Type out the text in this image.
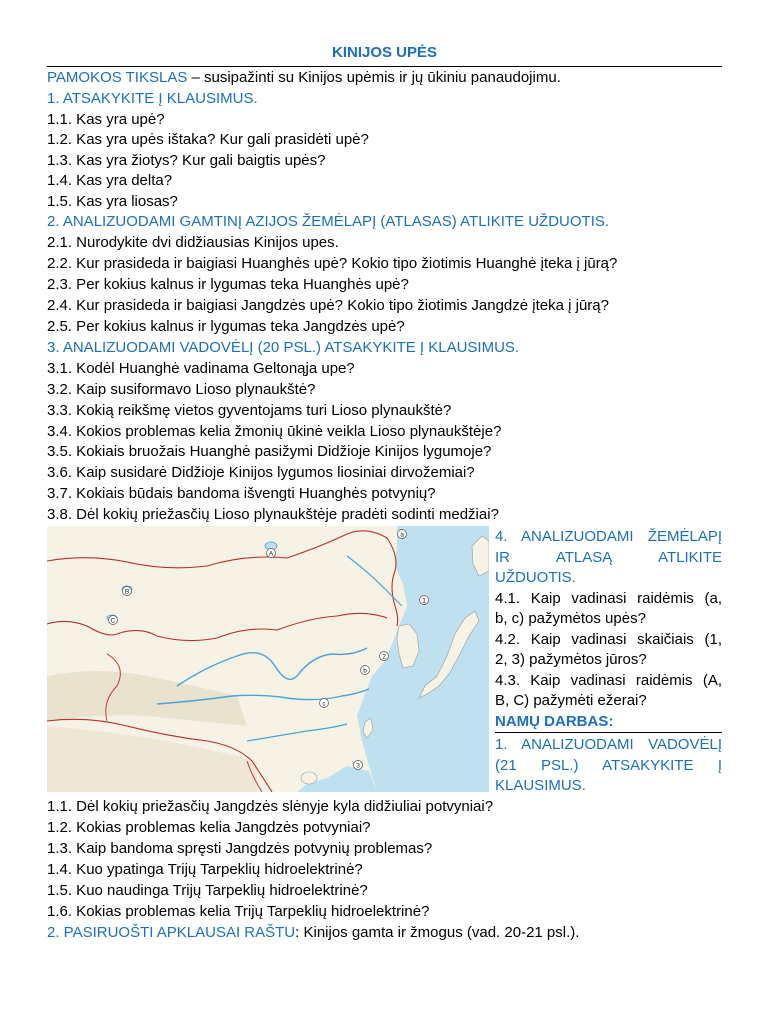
KINIJOS UPĖS
PAMOKOS TIKSLAS – susipažinti su Kinijos upėmis ir jų ūkiniu panaudojimu.
1. ATSAKYKITE Į KLAUSIMUS.
1.1. Kas yra upė?
1.2. Kas yra upės ištaka? Kur gali prasidėti upė?
1.3. Kas yra žiotys? Kur gali baigtis upės?
1.4. Kas yra delta?
1.5. Kas yra liosas?
2. ANALIZUODAMI GAMTINĮ AZIJOS ŽEMĖLAPĮ (ATLASAS) ATLIKITE UŽDUOTIS.
2.1. Nurodykite dvi didžiausias Kinijos upes.
2.2. Kur prasideda ir baigiasi Huanghės upė? Kokio tipo žiotimis Huanghė įteka į jūrą?
2.3. Per kokius kalnus ir lygumas teka Huanghės upė?
2.4. Kur prasideda ir baigiasi Jangdzės upė? Kokio tipo žiotimis Jangdzė įteka į jūrą?
2.5. Per kokius kalnus ir lygumas teka Jangdzės upė?
3. ANALIZUODAMI VADOVĖLĮ (20 PSL.) ATSAKYKITE Į KLAUSIMUS.
3.1. Kodėl Huanghė vadinama Geltonąja upe?
3.2. Kaip susiformavo Lioso plynaukštė?
3.3. Kokią reikšmę vietos gyventojams turi Lioso plynaukštė?
3.4. Kokios problemas kelia žmonių ūkinė veikla Lioso plynaukštėje?
3.5. Kokiais bruožais Huanghė pasižymi Didžioje Kinijos lygumoje?
3.6. Kaip susidarė Didžioje Kinijos lygumos liosiniai dirvožemiai?
3.7. Kokiais būdais bandoma išvengti Huanghės potvynių?
3.8. Dėl kokių priežasčių Lioso plynaukštėje pradėti sodinti medžiai?
a
b
c
A
B
C
1
2
3
4. ANALIZUODAMI ŽEMĖLAPĮ
IR ATLASĄ ATLIKITE
UŽDUOTIS.
4.1. Kaip vadinasi raidėmis (a,
b, c) pažymėtos upės?
4.2. Kaip vadinasi skaičiais (1,
2, 3) pažymėtos jūros?
4.3. Kaip vadinasi raidėmis (A,
B, C) pažymėti ežerai?
NAMŲ DARBAS:
1. ANALIZUODAMI VADOVĖLĮ
(21 PSL.) ATSAKYKITE Į
KLAUSIMUS.
1.1. Dėl kokių priežasčių Jangdzės slėnyje kyla didžiuliai potvyniai?
1.2. Kokias problemas kelia Jangdzės potvyniai?
1.3. Kaip bandoma spręsti Jangdzės potvynių problemas?
1.4. Kuo ypatinga Trijų Tarpeklių hidroelektrinė?
1.5. Kuo naudinga Trijų Tarpeklių hidroelektrinė?
1.6. Kokias problemas kelia Trijų Tarpeklių hidroelektrinė?
2. PASIRUOŠTI APKLAUSAI RAŠTU: Kinijos gamta ir žmogus (vad. 20-21 psl.).
